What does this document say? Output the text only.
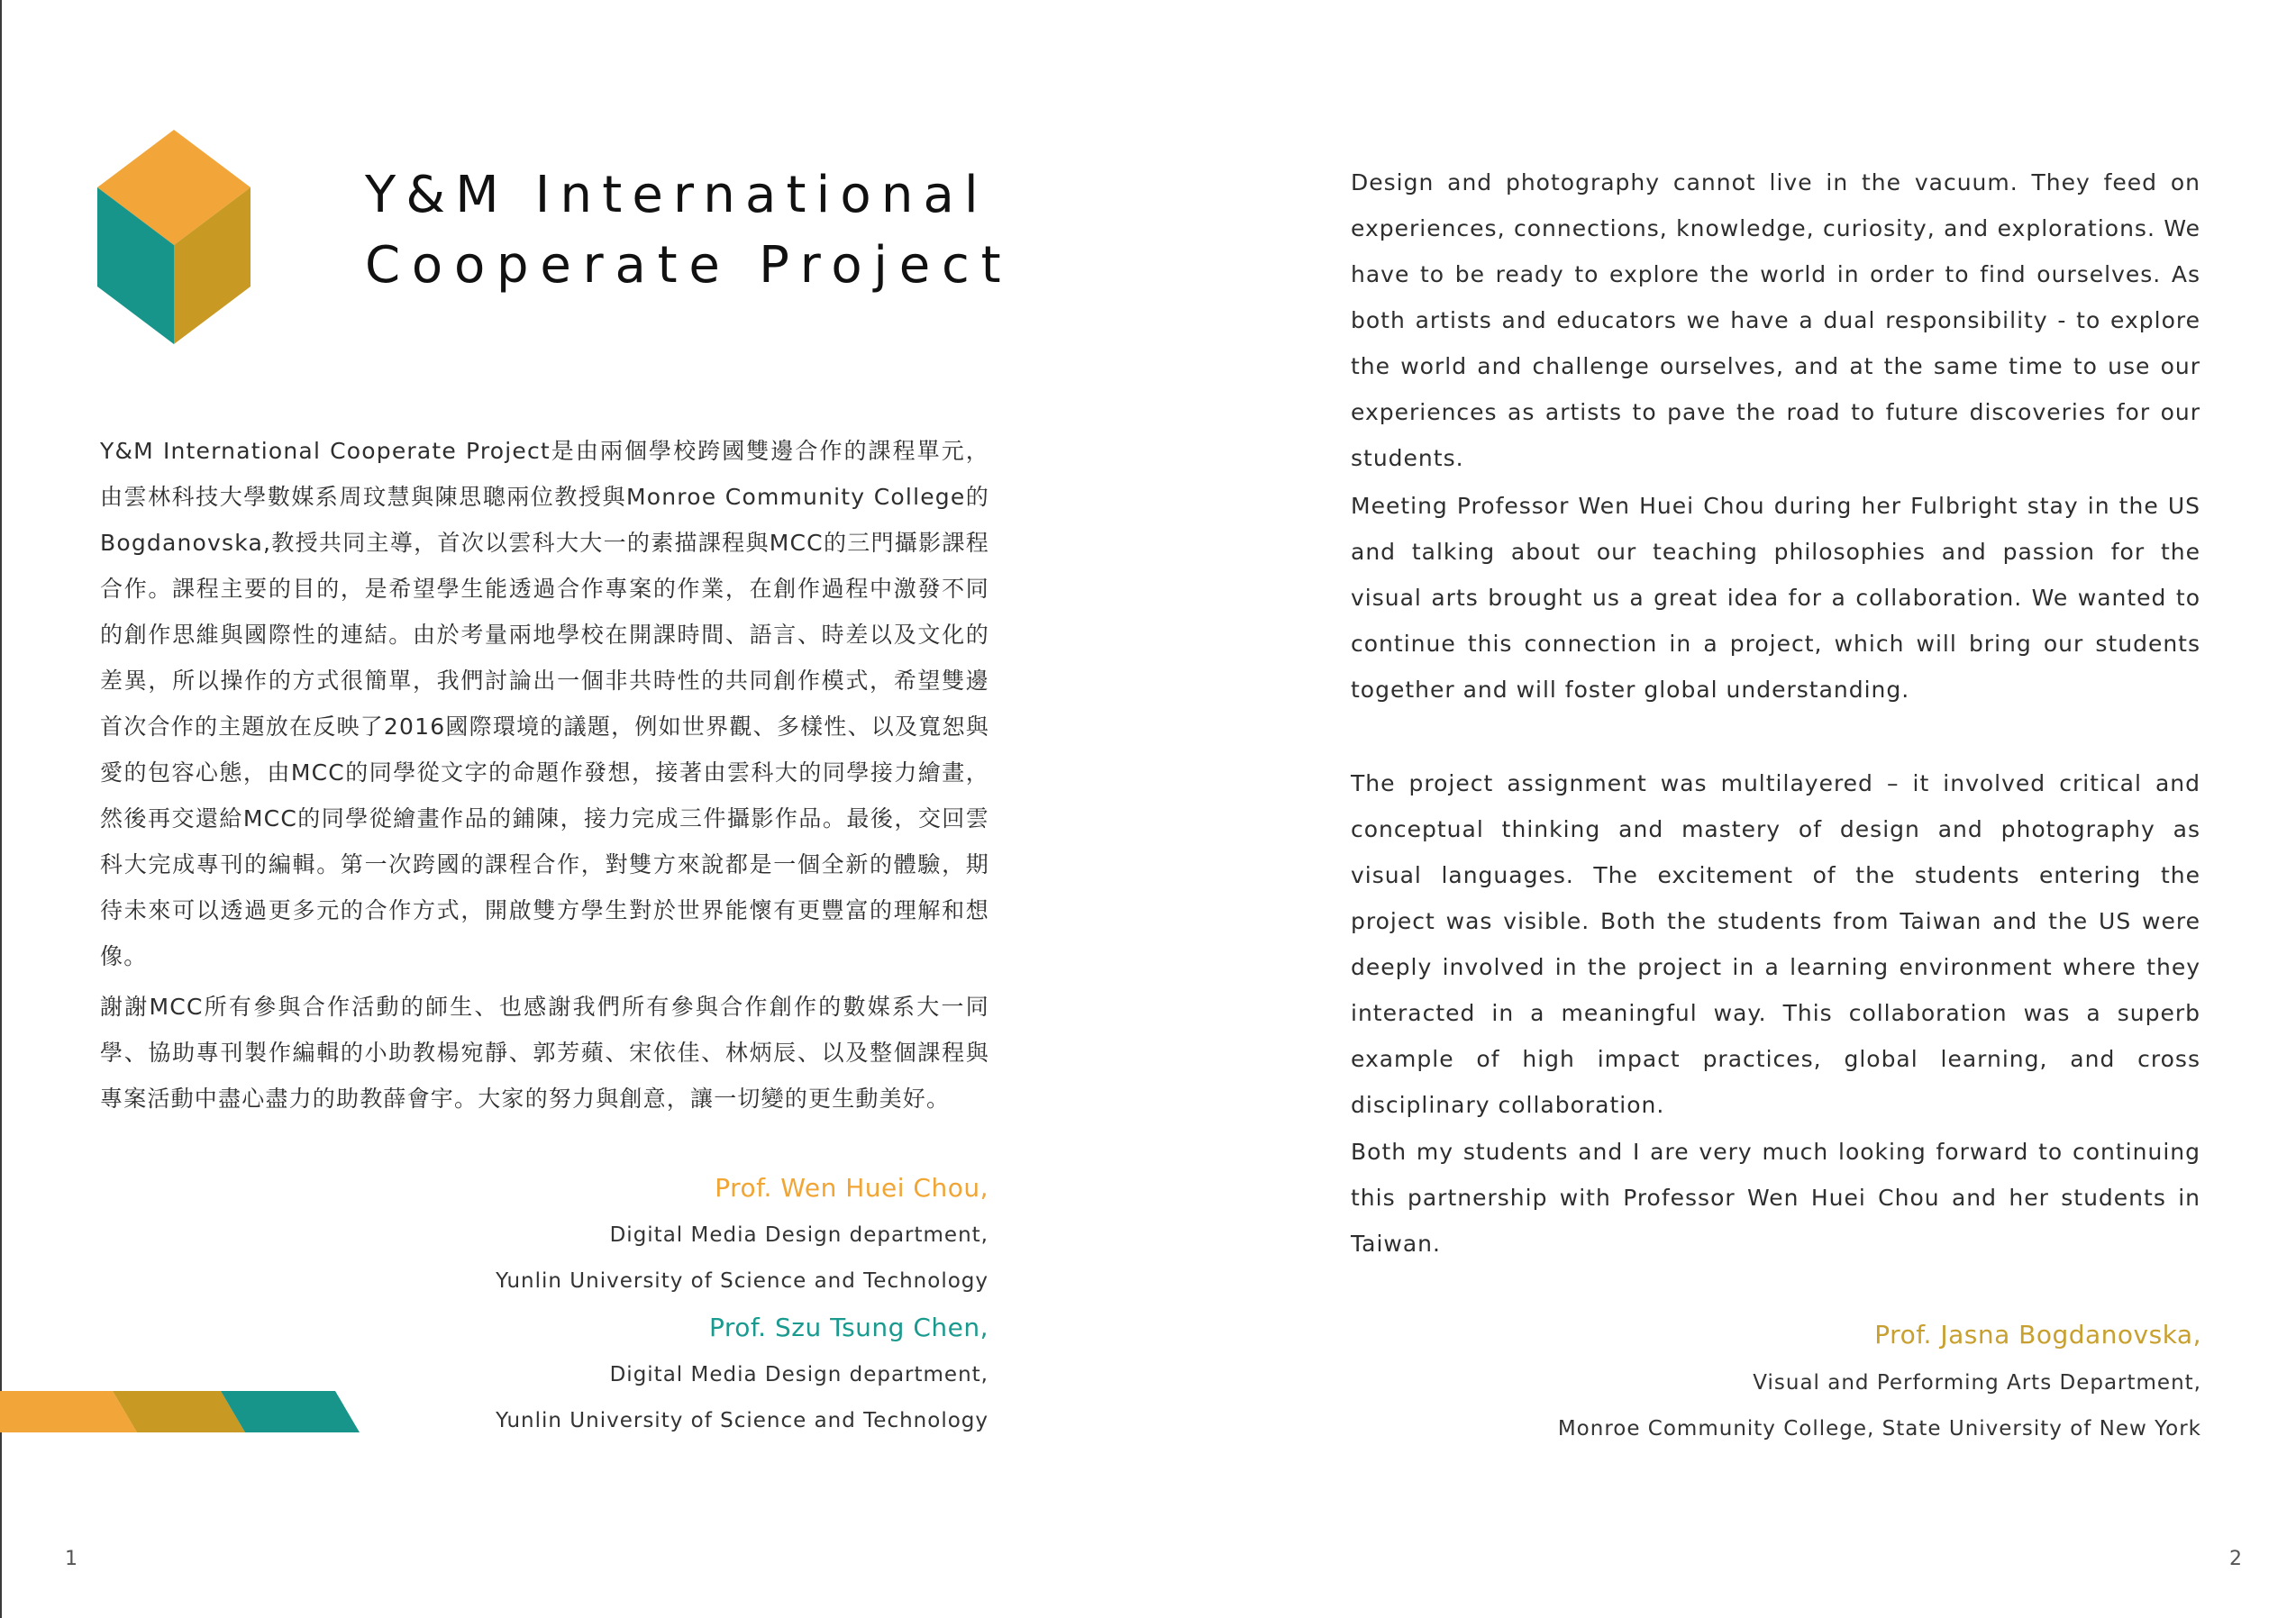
Y&M International
Cooperate Project

Y&M International Cooperate Project是由兩個學校跨國雙邊合作的課程單元，由雲林科技大學數媒系周玟慧與陳思聰兩位教授與Monroe Community College的Bogdanovska,教授共同主導，首次以雲科大大一的素描課程與MCC的三門攝影課程合作。課程主要的目的，是希望學生能透過合作專案的作業，在創作過程中激發不同的創作思維與國際性的連結。由於考量兩地學校在開課時間、語言、時差以及文化的差異，所以操作的方式很簡單，我們討論出一個非共時性的共同創作模式，希望雙邊首次合作的主題放在反映了2016國際環境的議題，例如世界觀、多樣性、以及寬恕與愛的包容心態，由MCC的同學從文字的命題作發想，接著由雲科大的同學接力繪畫，然後再交還給MCC的同學從繪畫作品的鋪陳，接力完成三件攝影作品。最後，交回雲科大完成專刊的編輯。第一次跨國的課程合作，對雙方來說都是一個全新的體驗，期待未來可以透過更多元的合作方式，開啟雙方學生對於世界能懷有更豐富的理解和想像。

謝謝MCC所有參與合作活動的師生、也感謝我們所有參與合作創作的數媒系大一同學、協助專刊製作編輯的小助教楊宛靜、郭芳蘋、宋依佳、林炳辰、以及整個課程與專案活動中盡心盡力的助教薛會宇。大家的努力與創意，讓一切變的更生動美好。

Prof. Wen Huei Chou,
Digital Media Design department,
Yunlin University of Science and Technology
Prof. Szu Tsung Chen,
Digital Media Design department,
Yunlin University of Science and Technology

Design and photography cannot live in the vacuum. They feed on experiences, connections, knowledge, curiosity, and explorations. We have to be ready to explore the world in order to find ourselves. As both artists and educators we have a dual responsibility - to explore the world and challenge ourselves, and at the same time to use our experiences as artists to pave the road to future discoveries for our students.

Meeting Professor Wen Huei Chou during her Fulbright stay in the US and talking about our teaching philosophies and passion for the visual arts brought us a great idea for a collaboration. We wanted to continue this connection in a project, which will bring our students together and will foster global understanding.

The project assignment was multilayered – it involved critical and conceptual thinking and mastery of design and photography as visual languages. The excitement of the students entering the project was visible. Both the students from Taiwan and the US were deeply involved in the project in a learning environment where they interacted in a meaningful way. This collaboration was a superb example of high impact practices, global learning, and cross disciplinary collaboration.

Both my students and I are very much looking forward to continuing this partnership with Professor Wen Huei Chou and her students in Taiwan.

Prof. Jasna Bogdanovska,
Visual and Performing Arts Department,
Monroe Community College, State University of New York
1	2
